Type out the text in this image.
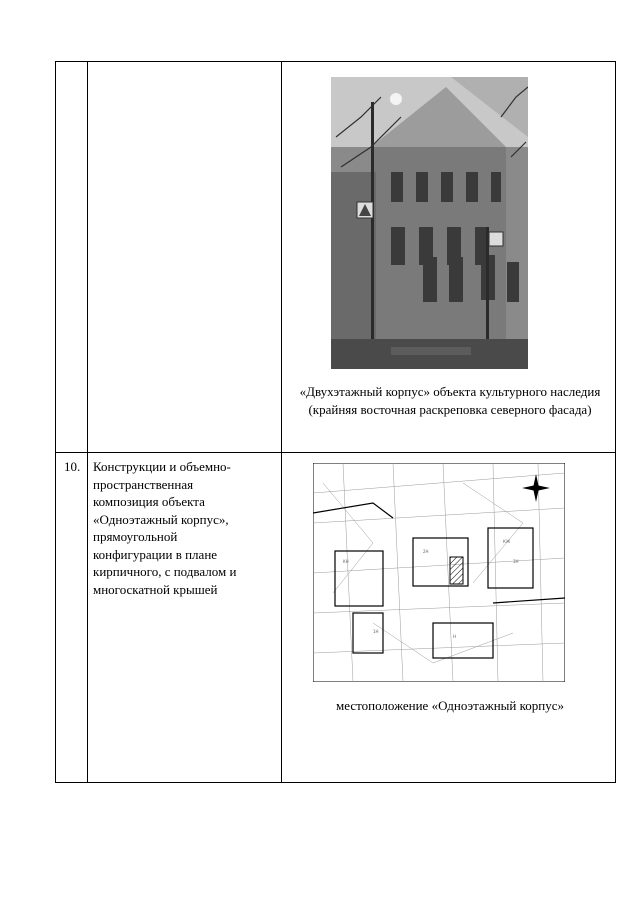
KН
2Н
КЖ
1Н
Н
3Н
10. Конструкции и объемно-
пространственная
композиция объекта
«Одноэтажный корпус»,
прямоугольной
конфигурации в плане
кирпичного, с подвалом и
многоскатной крышей
«Двухэтажный корпус» объекта культурного наследия (крайняя восточная раскреповка северного фасада)
местоположение «Одноэтажный корпус»
